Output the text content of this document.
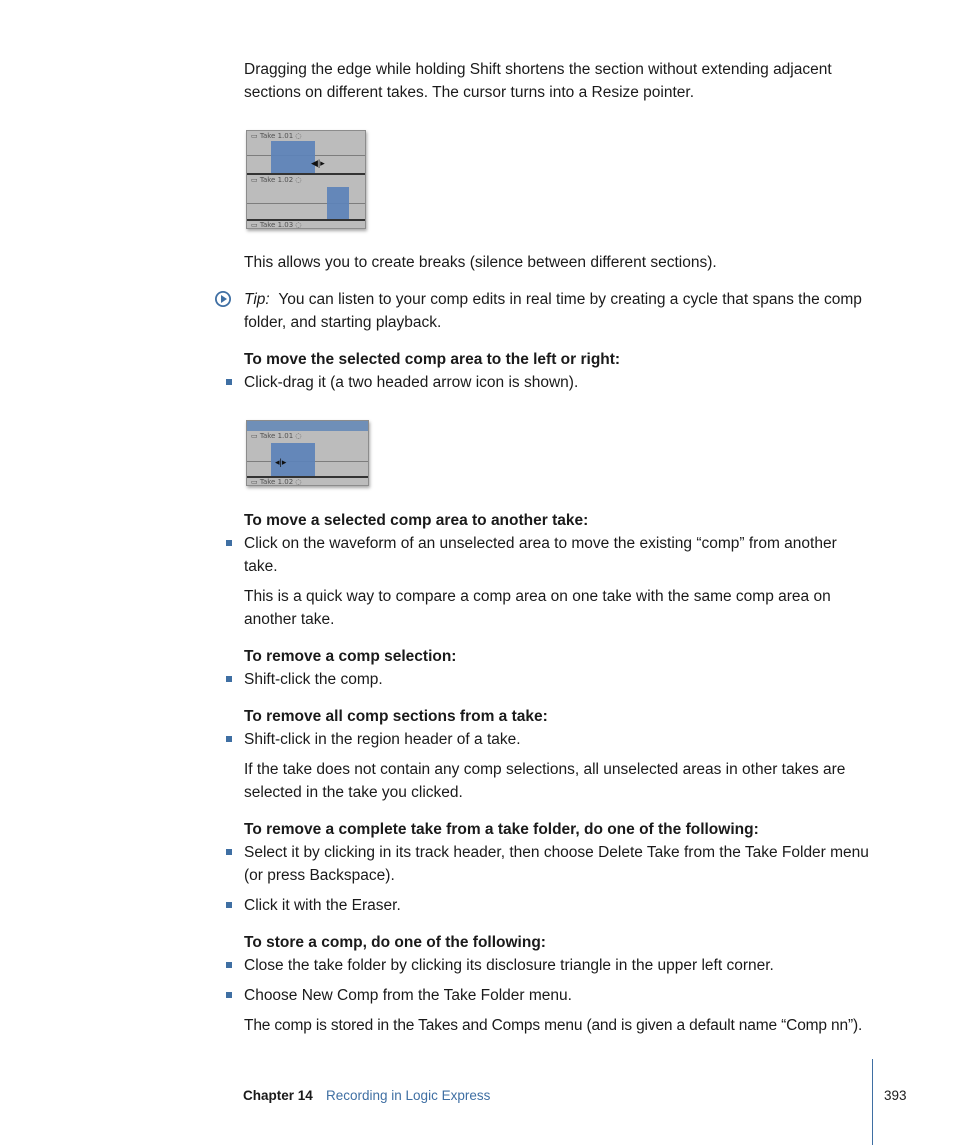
Dragging the edge while holding Shift shortens the section without extending adjacent sections on different takes. The cursor turns into a Resize pointer.
▭ Take 1.01 ◌
◀|▸
▭ Take 1.02 ◌
▭ Take 1.03 ◌
This allows you to create breaks (silence between different sections).
Tip: You can listen to your comp edits in real time by creating a cycle that spans the comp folder, and starting playback.
To move the selected comp area to the left or right:
Click-drag it (a two headed arrow icon is shown).
▭ Take 1.01 ◌
◂|▸
▭ Take 1.02 ◌
To move a selected comp area to another take:
Click on the waveform of an unselected area to move the existing “comp” from another take.
This is a quick way to compare a comp area on one take with the same comp area on another take.
To remove a comp selection:
Shift-click the comp.
To remove all comp sections from a take:
Shift-click in the region header of a take.
If the take does not contain any comp selections, all unselected areas in other takes are selected in the take you clicked.
To remove a complete take from a take folder, do one of the following:
Select it by clicking in its track header, then choose Delete Take from the Take Folder menu (or press Backspace).
Click it with the Eraser.
To store a comp, do one of the following:
Close the take folder by clicking its disclosure triangle in the upper left corner.
Choose New Comp from the Take Folder menu.
The comp is stored in the Takes and Comps menu (and is given a default name “Comp nn”).
Chapter 14 Recording in Logic Express	393
